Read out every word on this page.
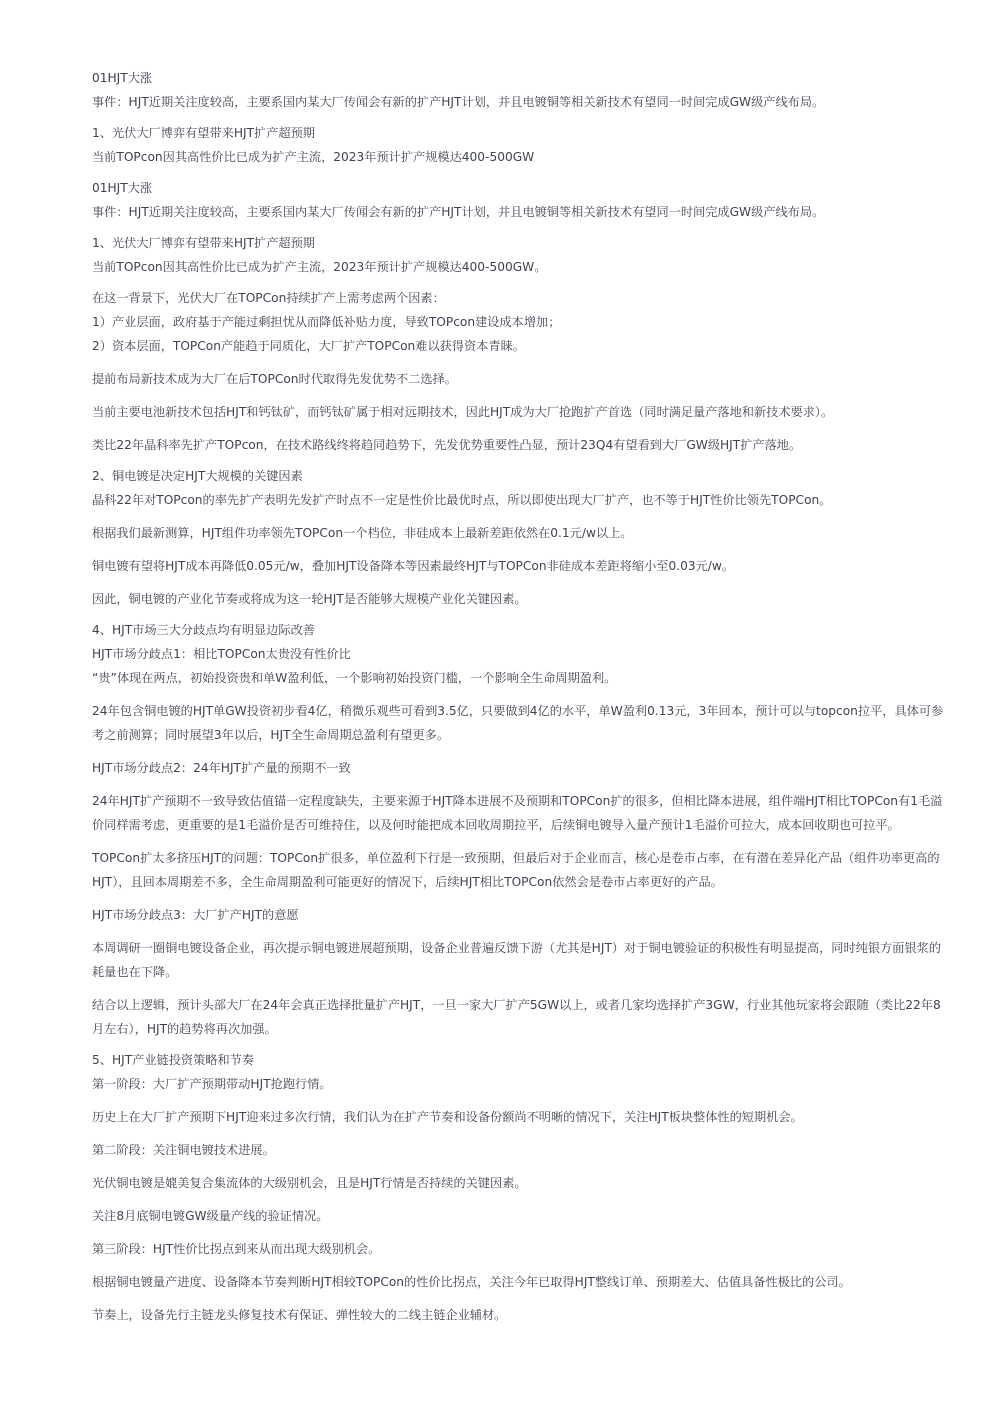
01HJT大涨

事件：HJT近期关注度较高，主要系国内某大厂传闻会有新的扩产HJT计划，并且电镀铜等相关新技术有望同一时间完成GW级产线布局。

1、光伏大厂博弈有望带来HJT扩产超预期

当前TOPcon因其高性价比已成为扩产主流，2023年预计扩产规模达400-500GW

01HJT大涨

事件：HJT近期关注度较高，主要系国内某大厂传闻会有新的扩产HJT计划，并且电镀铜等相关新技术有望同一时间完成GW级产线布局。

1、光伏大厂博弈有望带来HJT扩产超预期

当前TOPcon因其高性价比已成为扩产主流，2023年预计扩产规模达400-500GW。

在这一背景下，光伏大厂在TOPCon持续扩产上需考虑两个因素：

1）产业层面，政府基于产能过剩担忧从而降低补贴力度，导致TOPcon建设成本增加；

2）资本层面，TOPCon产能趋于同质化，大厂扩产TOPCon难以获得资本青睐。

提前布局新技术成为大厂在后TOPCon时代取得先发优势不二选择。

当前主要电池新技术包括HJT和钙钛矿，而钙钛矿属于相对远期技术，因此HJT成为大厂抢跑扩产首选（同时满足量产落地和新技术要求）。

类比22年晶科率先扩产TOPcon，在技术路线终将趋同趋势下，先发优势重要性凸显，预计23Q4有望看到大厂GW级HJT扩产落地。

2、铜电镀是决定HJT大规模的关键因素

晶科22年对TOPcon的率先扩产表明先发扩产时点不一定是性价比最优时点，所以即使出现大厂扩产，也不等于HJT性价比领先TOPCon。

根据我们最新测算，HJT组件功率领先TOPCon一个档位，非硅成本上最新差距依然在0.1元/w以上。

铜电镀有望将HJT成本再降低0.05元/w，叠加HJT设备降本等因素最终HJT与TOPCon非硅成本差距将缩小至0.03元/w。

因此，铜电镀的产业化节奏或将成为这一轮HJT是否能够大规模产业化关键因素。

4、HJT市场三大分歧点均有明显边际改善

HJT市场分歧点1：相比TOPCon太贵没有性价比

“贵”体现在两点，初始投资贵和单W盈利低，一个影响初始投资门槛，一个影响全生命周期盈利。

24年包含铜电镀的HJT单GW投资初步看4亿，稍微乐观些可看到3.5亿，只要做到4亿的水平，单W盈利0.13元，3年回本，预计可以与topcon拉平，具体可参考之前测算；同时展望3年以后，HJT全生命周期总盈利有望更多。

HJT市场分歧点2：24年HJT扩产量的预期不一致

24年HJT扩产预期不一致导致估值锚一定程度缺失，主要来源于HJT降本进展不及预期和TOPCon扩的很多，但相比降本进展，组件端HJT相比TOPCon有1毛溢价同样需考虑，更重要的是1毛溢价是否可维持住，以及何时能把成本回收周期拉平，后续铜电镀导入量产预计1毛溢价可拉大，成本回收期也可拉平。

TOPCon扩太多挤压HJT的问题：TOPCon扩很多，单位盈利下行是一致预期，但最后对于企业而言，核心是卷市占率，在有潜在差异化产品（组件功率更高的HJT），且回本周期差不多，全生命周期盈利可能更好的情况下，后续HJT相比TOPCon依然会是卷市占率更好的产品。

HJT市场分歧点3：大厂扩产HJT的意愿

本周调研一圈铜电镀设备企业，再次提示铜电镀进展超预期，设备企业普遍反馈下游（尤其是HJT）对于铜电镀验证的积极性有明显提高，同时纯银方面银浆的耗量也在下降。

结合以上逻辑，预计头部大厂在24年会真正选择批量扩产HJT，一旦一家大厂扩产5GW以上，或者几家均选择扩产3GW，行业其他玩家将会跟随（类比22年8月左右），HJT的趋势将再次加强。

5、HJT产业链投资策略和节奏

第一阶段：大厂扩产预期带动HJT抢跑行情。

历史上在大厂扩产预期下HJT迎来过多次行情，我们认为在扩产节奏和设备份额尚不明晰的情况下，关注HJT板块整体性的短期机会。

第二阶段：关注铜电镀技术进展。

光伏铜电镀是媲美复合集流体的大级别机会，且是HJT行情是否持续的关键因素。

关注8月底铜电镀GW级量产线的验证情况。

第三阶段：HJT性价比拐点到来从而出现大级别机会。

根据铜电镀量产进度、设备降本节奏判断HJT相较TOPCon的性价比拐点，关注今年已取得HJT整线订单、预期差大、估值具备性极比的公司。

节奏上，设备先行主链龙头修复技术有保证、弹性较大的二线主链企业辅材。
